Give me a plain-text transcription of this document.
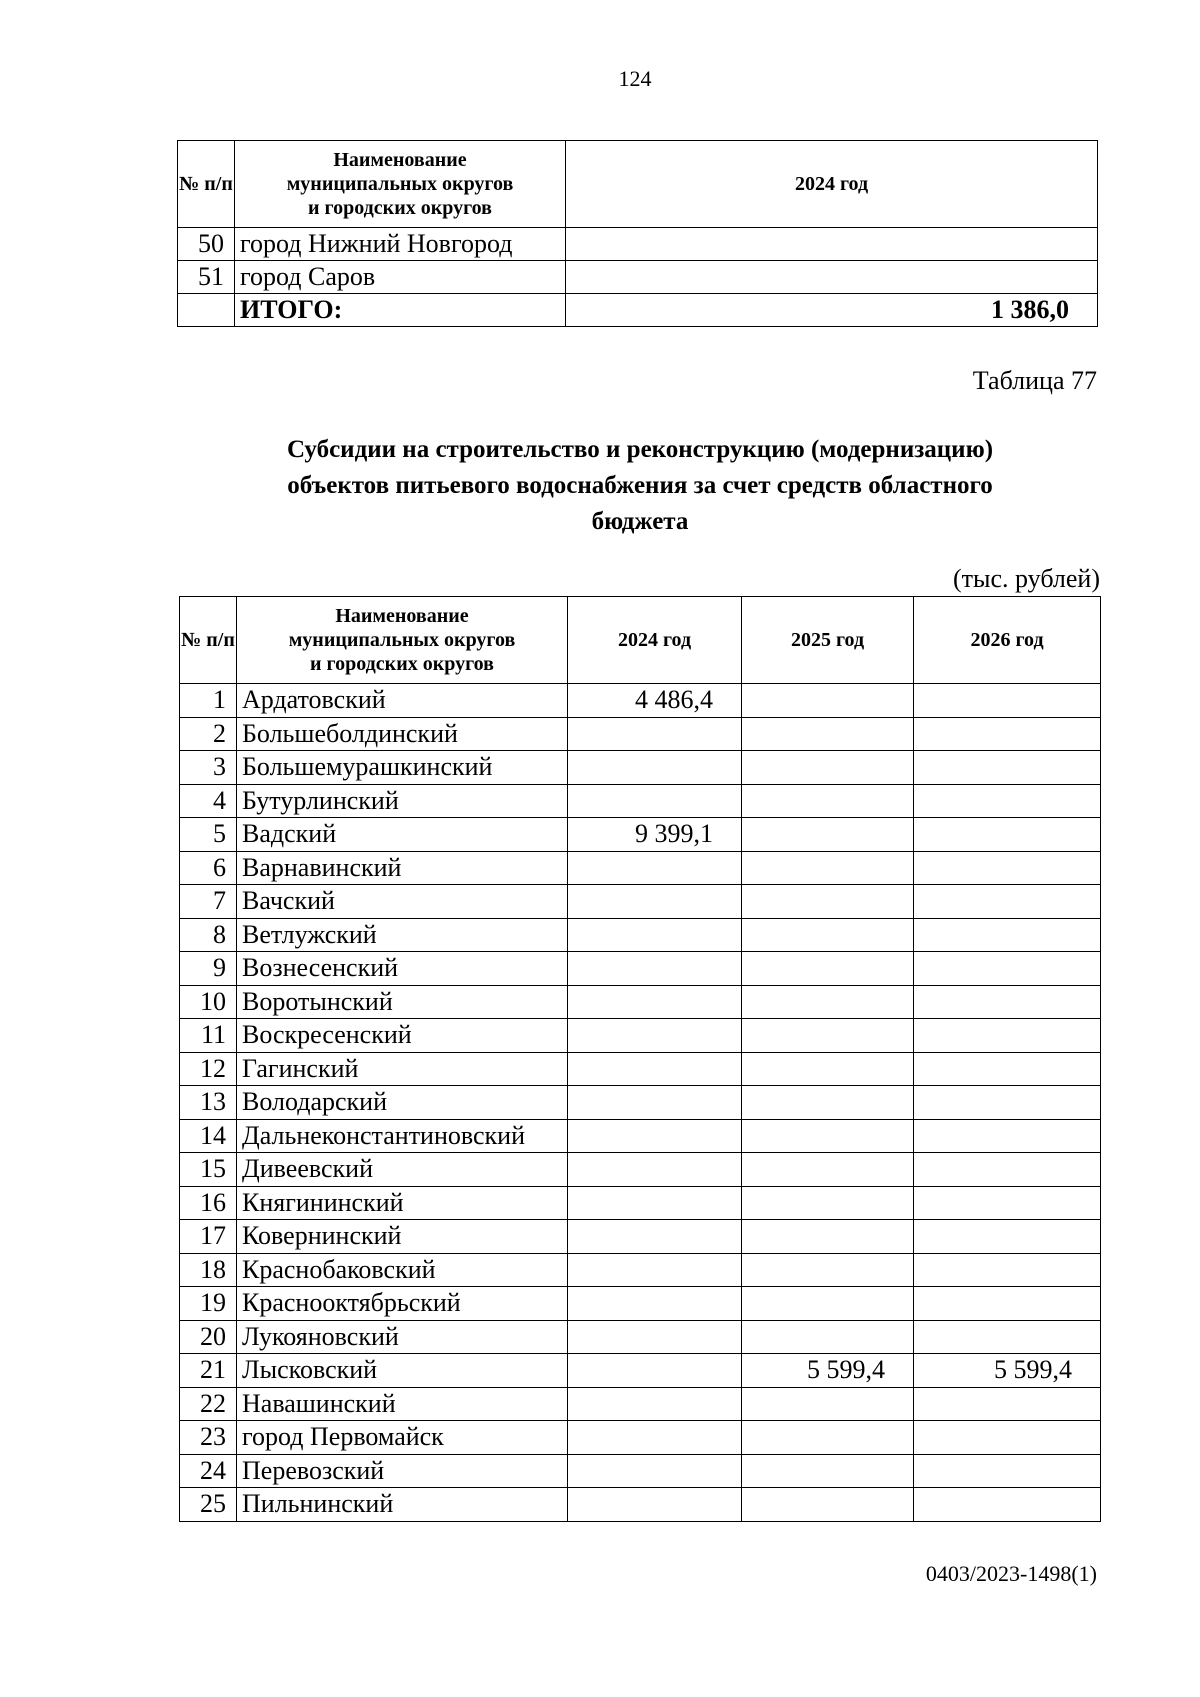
124
№ п/п	Наименование
муниципальных округов
и городских округов	2024 год
50	город Нижний Новгород	
51	город Саров	
	ИТОГО:	1 386,0
Таблица 77
Субсидии на строительство и реконструкцию (модернизацию)
объектов питьевого водоснабжения за счет средств областного
бюджета
(тыс. рублей)
№ п/п	Наименование
муниципальных округов
и городских округов	2024 год	2025 год	2026 год
1	Ардатовский	4 486,4		
2	Большеболдинский			
3	Большемурашкинский			
4	Бутурлинский			
5	Вадский	9 399,1		
6	Варнавинский			
7	Вачский			
8	Ветлужский			
9	Вознесенский			
10	Воротынский			
11	Воскресенский			
12	Гагинский			
13	Володарский			
14	Дальнеконстантиновский			
15	Дивеевский			
16	Княгининский			
17	Ковернинский			
18	Краснобаковский			
19	Краснооктябрьский			
20	Лукояновский			
21	Лысковский		5 599,4	5 599,4
22	Навашинский			
23	город Первомайск			
24	Перевозский			
25	Пильнинский			
0403/2023-1498(1)
